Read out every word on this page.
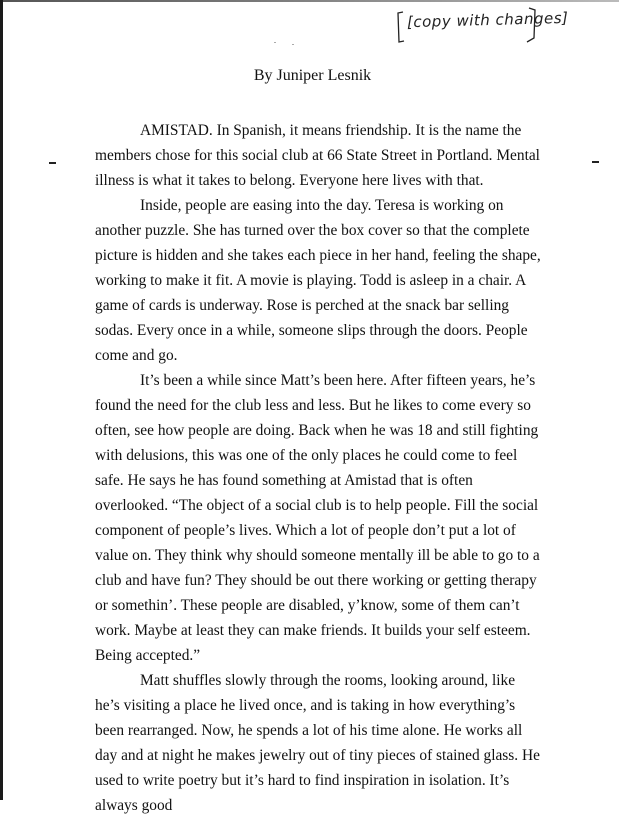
[copy with changes]
By Juniper Lesnik

AMISTAD. In Spanish, it means friendship. It is the name the members chose for this social club at 66 State Street in Portland. Mental illness is what it takes to belong. Everyone here lives with that.

Inside, people are easing into the day. Teresa is working on another puzzle. She has turned over the box cover so that the complete picture is hidden and she takes each piece in her hand, feeling the shape, working to make it fit. A movie is playing. Todd is asleep in a chair. A game of cards is underway. Rose is perched at the snack bar selling sodas. Every once in a while, someone slips through the doors. People come and go.

It’s been a while since Matt’s been here. After fifteen years, he’s found the need for the club less and less. But he likes to come every so often, see how people are doing. Back when he was 18 and still fighting with delusions, this was one of the only places he could come to feel safe. He says he has found something at Amistad that is often overlooked. “The object of a social club is to help people. Fill the social component of people’s lives. Which a lot of people don’t put a lot of value on. They think why should someone mentally ill be able to go to a club and have fun? They should be out there working or getting therapy or somethin’. These people are disabled, y’know, some of them can’t work. Maybe at least they can make friends. It builds your self esteem. Being accepted.”

Matt shuffles slowly through the rooms, looking around, like he’s visiting a place he lived once, and is taking in how everything’s been rearranged. Now, he spends a lot of his time alone. He works all day and at night he makes jewelry out of tiny pieces of stained glass. He used to write poetry but it’s hard to find inspiration in isolation. It’s always good
